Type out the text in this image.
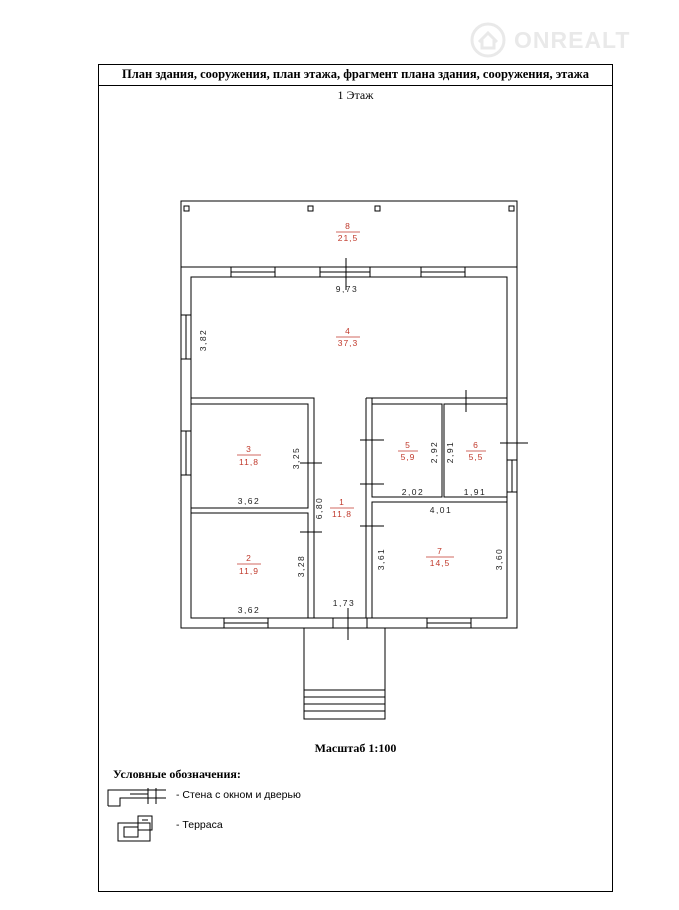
ONREALT
План здания, сооружения, план этажа, фрагмент плана здания, сооружения, этажа
1 Этаж
8
21,5
4
37,3
3
11,8
5
5,9
6
5,5
1
11,8
2
11,9
7
14,5
9,73
3,82
3,25
3,62
2,92
2,02
2,91
1,91
6,80
1,73
4,01
3,61	3,60
3,28
3,62
Масштаб 1:100
Условные обозначения:
- Стена с окном и дверью
- Терраса
